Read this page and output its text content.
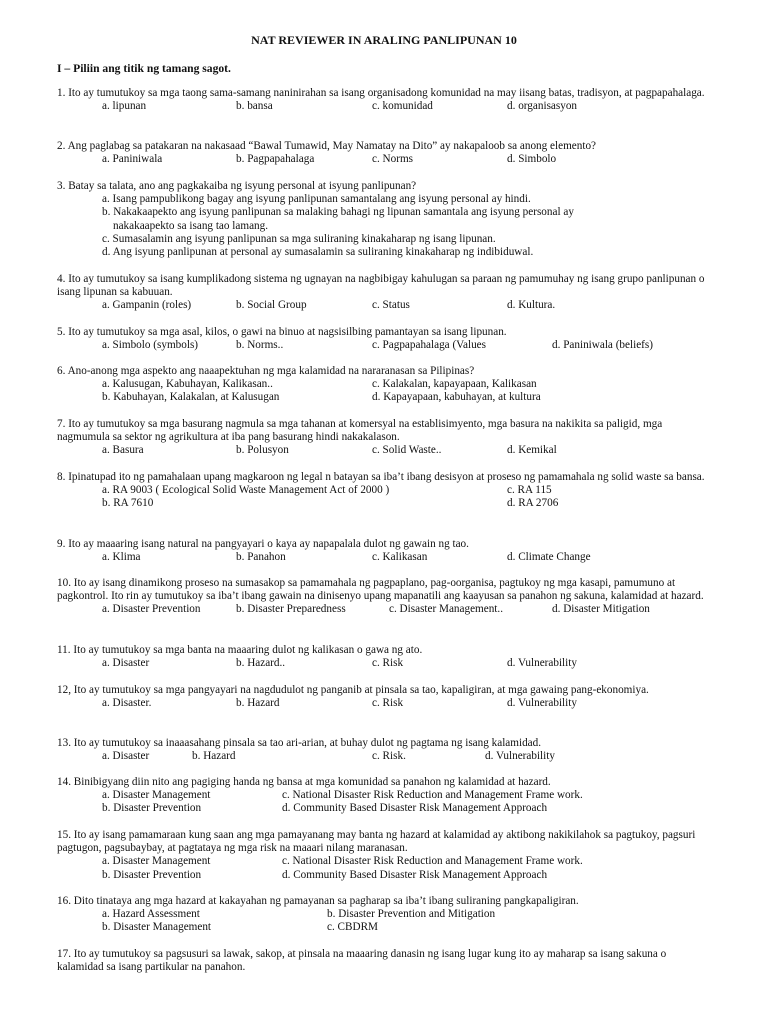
NAT REVIEWER IN ARALING PANLIPUNAN 10
I – Piliin ang titik ng tamang sagot.
1. Ito ay tumutukoy sa mga taong sama-samang naninirahan sa isang organisadong komunidad na may iisang batas, tradisyon, at pagpapahalaga.
a. lipunan	b. bansa	c. komunidad	d. organisasyon
2. Ang paglabag sa patakaran na nakasaad “Bawal Tumawid, May Namatay na Dito” ay nakapaloob sa anong elemento?
a. Paniniwala	b. Pagpapahalaga	c. Norms	d. Simbolo
3. Batay sa talata, ano ang pagkakaiba ng isyung personal at isyung panlipunan?
a. Isang pampublikong bagay ang isyung panlipunan samantalang ang isyung personal ay hindi.
b. Nakakaapekto ang isyung panlipunan sa malaking bahagi ng lipunan samantala ang isyung personal ay
nakakaapekto sa isang tao lamang.
c. Sumasalamin ang isyung panlipunan sa mga suliraning kinakaharap ng isang lipunan.
d. Ang isyung panlipunan at personal ay sumasalamin sa suliraning kinakaharap ng indibiduwal.
4. Ito ay tumutukoy sa isang kumplikadong sistema ng ugnayan na nagbibigay kahulugan sa paraan ng pamumuhay ng isang grupo panlipunan o isang lipunan sa kabuuan.
a. Gampanin (roles)	b. Social Group	c. Status	d. Kultura.
5. Ito ay tumutukoy sa mga asal, kilos, o gawi na binuo at nagsisilbing pamantayan sa isang lipunan.
a. Simbolo (symbols)	b. Norms..	c. Pagpapahalaga (Values	d. Paniniwala (beliefs)
6. Ano-anong mga aspekto ang naaapektuhan ng mga kalamidad na nararanasan sa Pilipinas?
a. Kalusugan, Kabuhayan, Kalikasan..	c. Kalakalan, kapayapaan, Kalikasan
b. Kabuhayan, Kalakalan, at Kalusugan	d. Kapayapaan, kabuhayan, at kultura
7. Ito ay tumutukoy sa mga basurang nagmula sa mga tahanan at komersyal na establisimyento, mga basura na nakikita sa paligid, mga nagmumula sa sektor ng agrikultura at iba pang basurang hindi nakakalason.
a. Basura	b. Polusyon	c. Solid Waste..	d. Kemikal
8. Ipinatupad ito ng pamahalaan upang magkaroon ng legal n batayan sa iba’t ibang desisyon at proseso ng pamamahala ng solid waste sa bansa.
a. RA 9003 ( Ecological Solid Waste Management Act of 2000 )	c. RA 115
b. RA 7610	d. RA 2706
9. Ito ay maaaring isang natural na pangyayari o kaya ay napapalala dulot ng gawain ng tao.
a. Klima	b. Panahon	c. Kalikasan	d. Climate Change
10. Ito ay isang dinamikong proseso na sumasakop sa pamamahala ng pagpaplano, pag-oorganisa, pagtukoy ng mga kasapi, pamumuno at pagkontrol. Ito rin ay tumutukoy sa iba’t ibang gawain na dinisenyo upang mapanatili ang kaayusan sa panahon ng sakuna, kalamidad at hazard.
a. Disaster Prevention	b. Disaster Preparedness	c. Disaster Management..	d. Disaster Mitigation
11. Ito ay tumutukoy sa mga banta na maaaring dulot ng kalikasan o gawa ng ato.
a. Disaster	b. Hazard..	c. Risk	d. Vulnerability
12, Ito ay tumutukoy sa mga pangyayari na nagdudulot ng panganib at pinsala sa tao, kapaligiran, at mga gawaing pang-ekonomiya.
a. Disaster.	b. Hazard	c. Risk	d. Vulnerability
13. Ito ay tumutukoy sa inaaasahang pinsala sa tao ari-arian, at buhay dulot ng pagtama ng isang kalamidad.
a. Disaster	b. Hazard	c. Risk.	d. Vulnerability
14. Binibigyang diin nito ang pagiging handa ng bansa at mga komunidad sa panahon ng kalamidad at hazard.
a. Disaster Management	c. National Disaster Risk Reduction and Management Frame work.
b. Disaster Prevention	d. Community Based Disaster Risk Management Approach
15. Ito ay isang pamamaraan kung saan ang mga pamayanang may banta ng hazard at kalamidad ay aktibong nakikilahok sa pagtukoy, pagsuri pagtugon, pagsubaybay, at pagtataya ng mga risk na maaari nilang maranasan.
a. Disaster Management	c. National Disaster Risk Reduction and Management Frame work.
b. Disaster Prevention	d. Community Based Disaster Risk Management Approach
16. Dito tinataya ang mga hazard at kakayahan ng pamayanan sa pagharap sa iba’t ibang suliraning pangkapaligiran.
a. Hazard Assessment	b. Disaster Prevention and Mitigation
b. Disaster Management	c. CBDRM
17. Ito ay tumutukoy sa pagsusuri sa lawak, sakop, at pinsala na maaaring danasin ng isang lugar kung ito ay maharap sa isang sakuna o kalamidad sa isang partikular na panahon.
